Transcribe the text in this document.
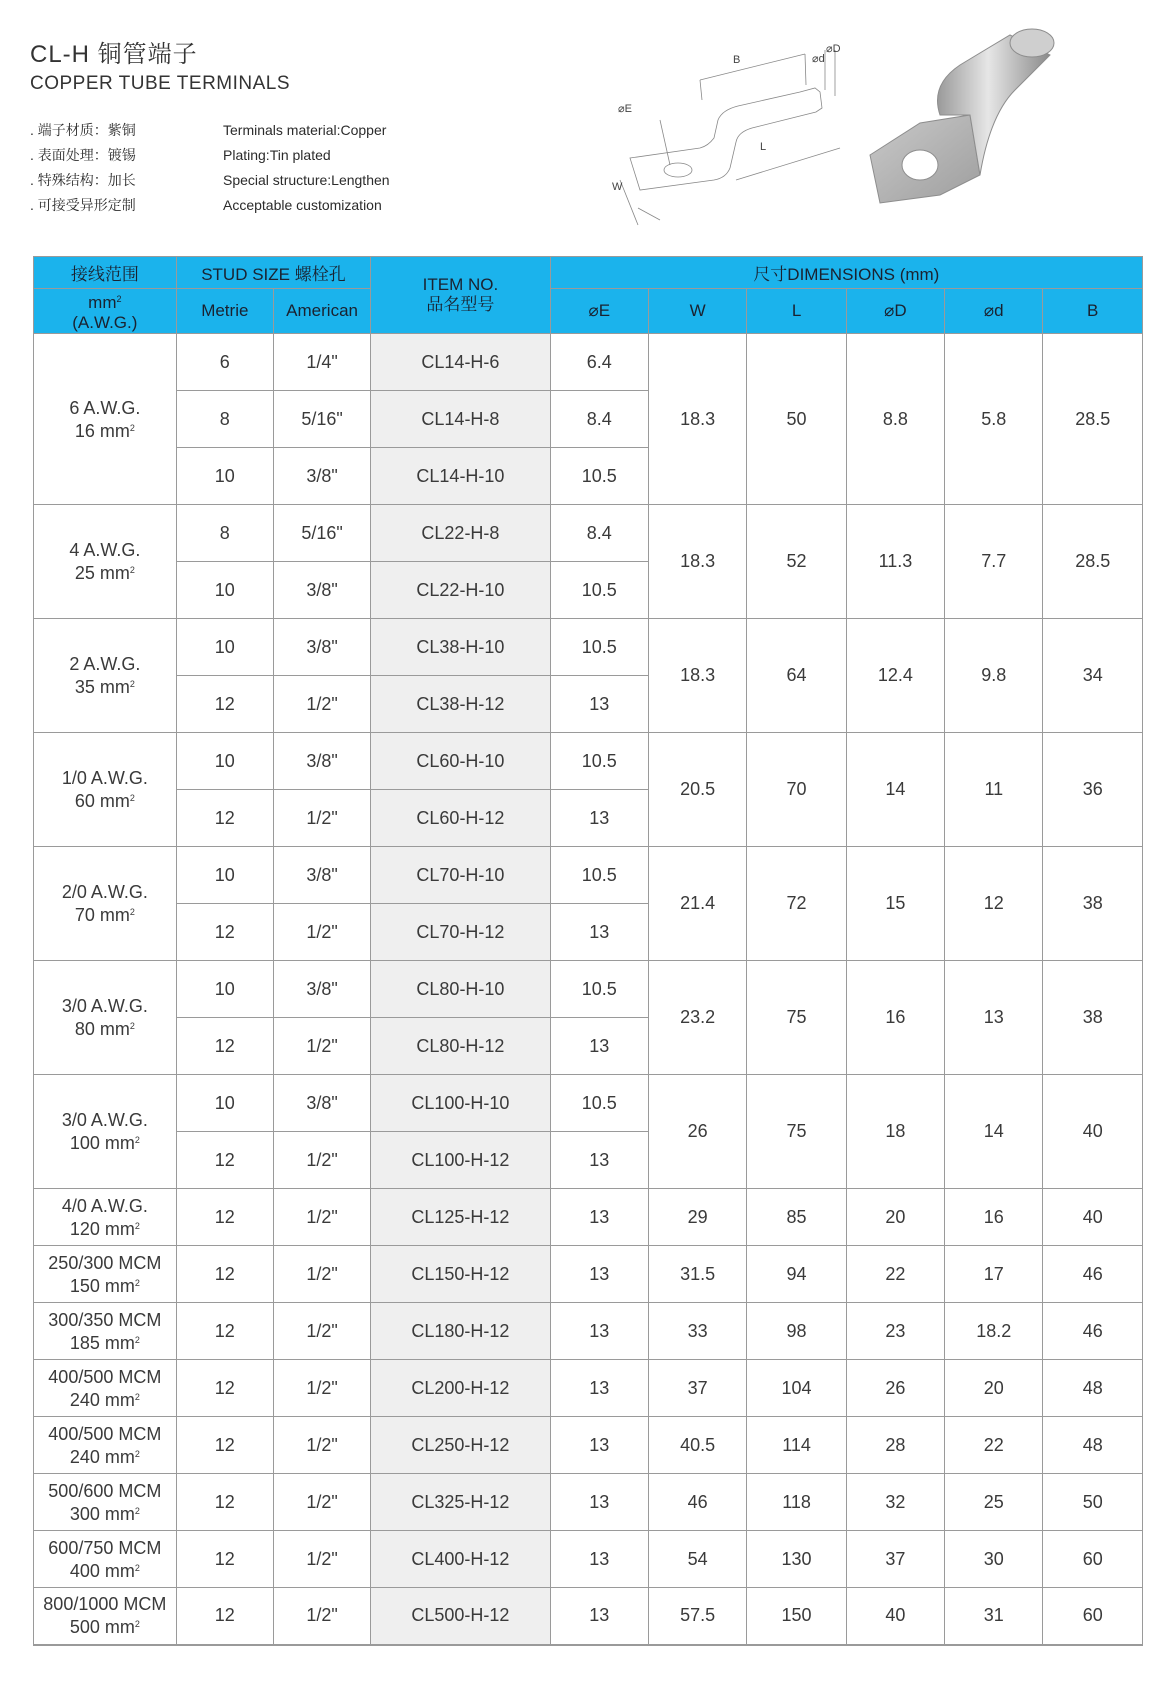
CL-H 铜管端子
COPPER TUBE TERMINALS
. 端子材质：紫铜	Terminals material:Copper
. 表面处理：镀锡	Plating:Tin plated
. 特殊结构：加长	Special structure:Lengthen
. 可接受异形定制	Acceptable customization
B	⌀d
⌀D
⌀E
L
W
接线范围	STUD SIZE 螺栓孔		ITEM NO.
品名型号	尺寸DIMENSIONS (mm)					

$mm^2$
(A.W.G.)	Metrie	American		⌀E	W	L	⌀D	⌀d	B

6 A.W.G.
16 $mm^2$	6	1/4"	CL14-H-6	6.4	18.3	50	8.8	5.8	28.5
	8	5/16"	CL14-H-8	8.4					
	10	3/8"	CL14-H-10	10.5					

4 A.W.G.
25 $mm^2$	8	5/16"	CL22-H-8	8.4	18.3	52	11.3	7.7	28.5
	10	3/8"	CL22-H-10	10.5					

2 A.W.G.
35 $mm^2$	10	3/8"	CL38-H-10	10.5	18.3	64	12.4	9.8	34
	12	1/2"	CL38-H-12	13					

1/0 A.W.G.
60 $mm^2$	10	3/8"	CL60-H-10	10.5	20.5	70	14	11	36
	12	1/2"	CL60-H-12	13					

2/0 A.W.G.
70 $mm^2$	10	3/8"	CL70-H-10	10.5	21.4	72	15	12	38
	12	1/2"	CL70-H-12	13					

3/0 A.W.G.
80 $mm^2$	10	3/8"	CL80-H-10	10.5	23.2	75	16	13	38
	12	1/2"	CL80-H-12	13					

3/0 A.W.G.
100 $mm^2$	10	3/8"	CL100-H-10	10.5	26	75	18	14	40
	12	1/2"	CL100-H-12	13					

4/0 A.W.G.
120 $mm^2$	12	1/2"	CL125-H-12	13	29	85	20	16	40

250/300 MCM
150 $mm^2$	12	1/2"	CL150-H-12	13	31.5	94	22	17	46

300/350 MCM
185 $mm^2$	12	1/2"	CL180-H-12	13	33	98	23	18.2	46

400/500 MCM
240 $mm^2$	12	1/2"	CL200-H-12	13	37	104	26	20	48

400/500 MCM
240 $mm^2$	12	1/2"	CL250-H-12	13	40.5	114	28	22	48

500/600 MCM
300 $mm^2$	12	1/2"	CL325-H-12	13	46	118	32	25	50

600/750 MCM
400 $mm^2$	12	1/2"	CL400-H-12	13	54	130	37	30	60

800/1000 MCM
500 $mm^2$	12	1/2"	CL500-H-12	13	57.5	150	40	31	60
